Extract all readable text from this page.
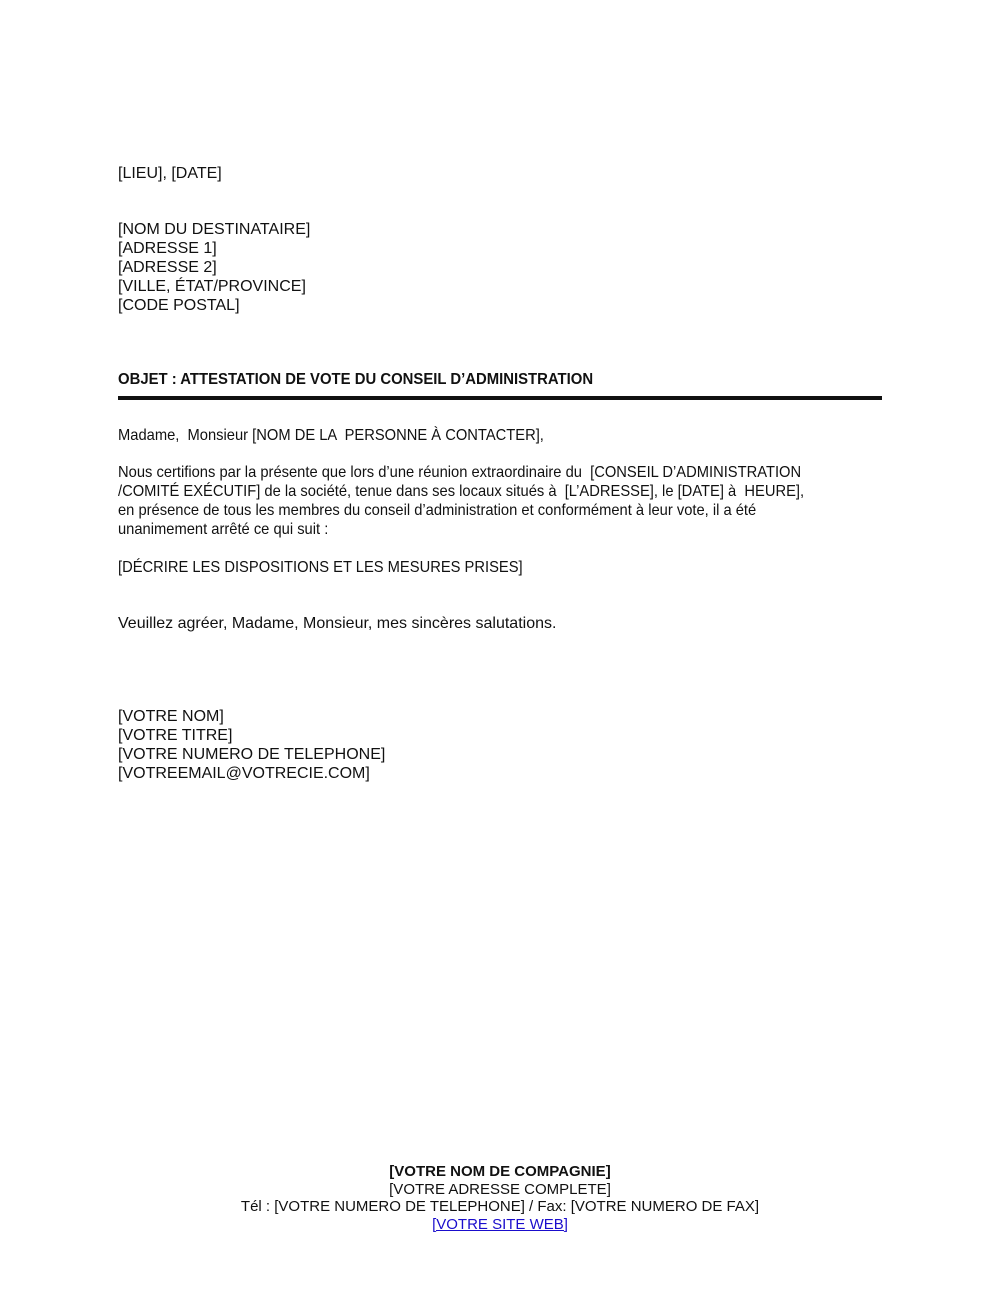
[LIEU], [DATE]
[NOM DU DESTINATAIRE]
[ADRESSE 1]
[ADRESSE 2]
[VILLE, ÉTAT/PROVINCE]
[CODE POSTAL]
OBJET : ATTESTATION DE VOTE DU CONSEIL D’ADMINISTRATION
Madame,  Monsieur [NOM DE LA  PERSONNE À CONTACTER],
Nous certifions par la présente que lors d’une réunion extraordinaire du  [CONSEIL D’ADMINISTRATION
/COMITÉ EXÉCUTIF] de la société, tenue dans ses locaux situés à  [L’ADRESSE], le [DATE] à  HEURE],
en présence de tous les membres du conseil d’administration et conformément à leur vote, il a été
unanimement arrêté ce qui suit :
[DÉCRIRE LES DISPOSITIONS ET LES MESURES PRISES]
Veuillez agréer, Madame, Monsieur, mes sincères salutations.
[VOTRE NOM]
[VOTRE TITRE]
[VOTRE NUMERO DE TELEPHONE]
[VOTREEMAIL@VOTRECIE.COM]
[VOTRE NOM DE COMPAGNIE]
[VOTRE ADRESSE COMPLETE]
Tél : [VOTRE NUMERO DE TELEPHONE] / Fax: [VOTRE NUMERO DE FAX]
[VOTRE SITE WEB]
